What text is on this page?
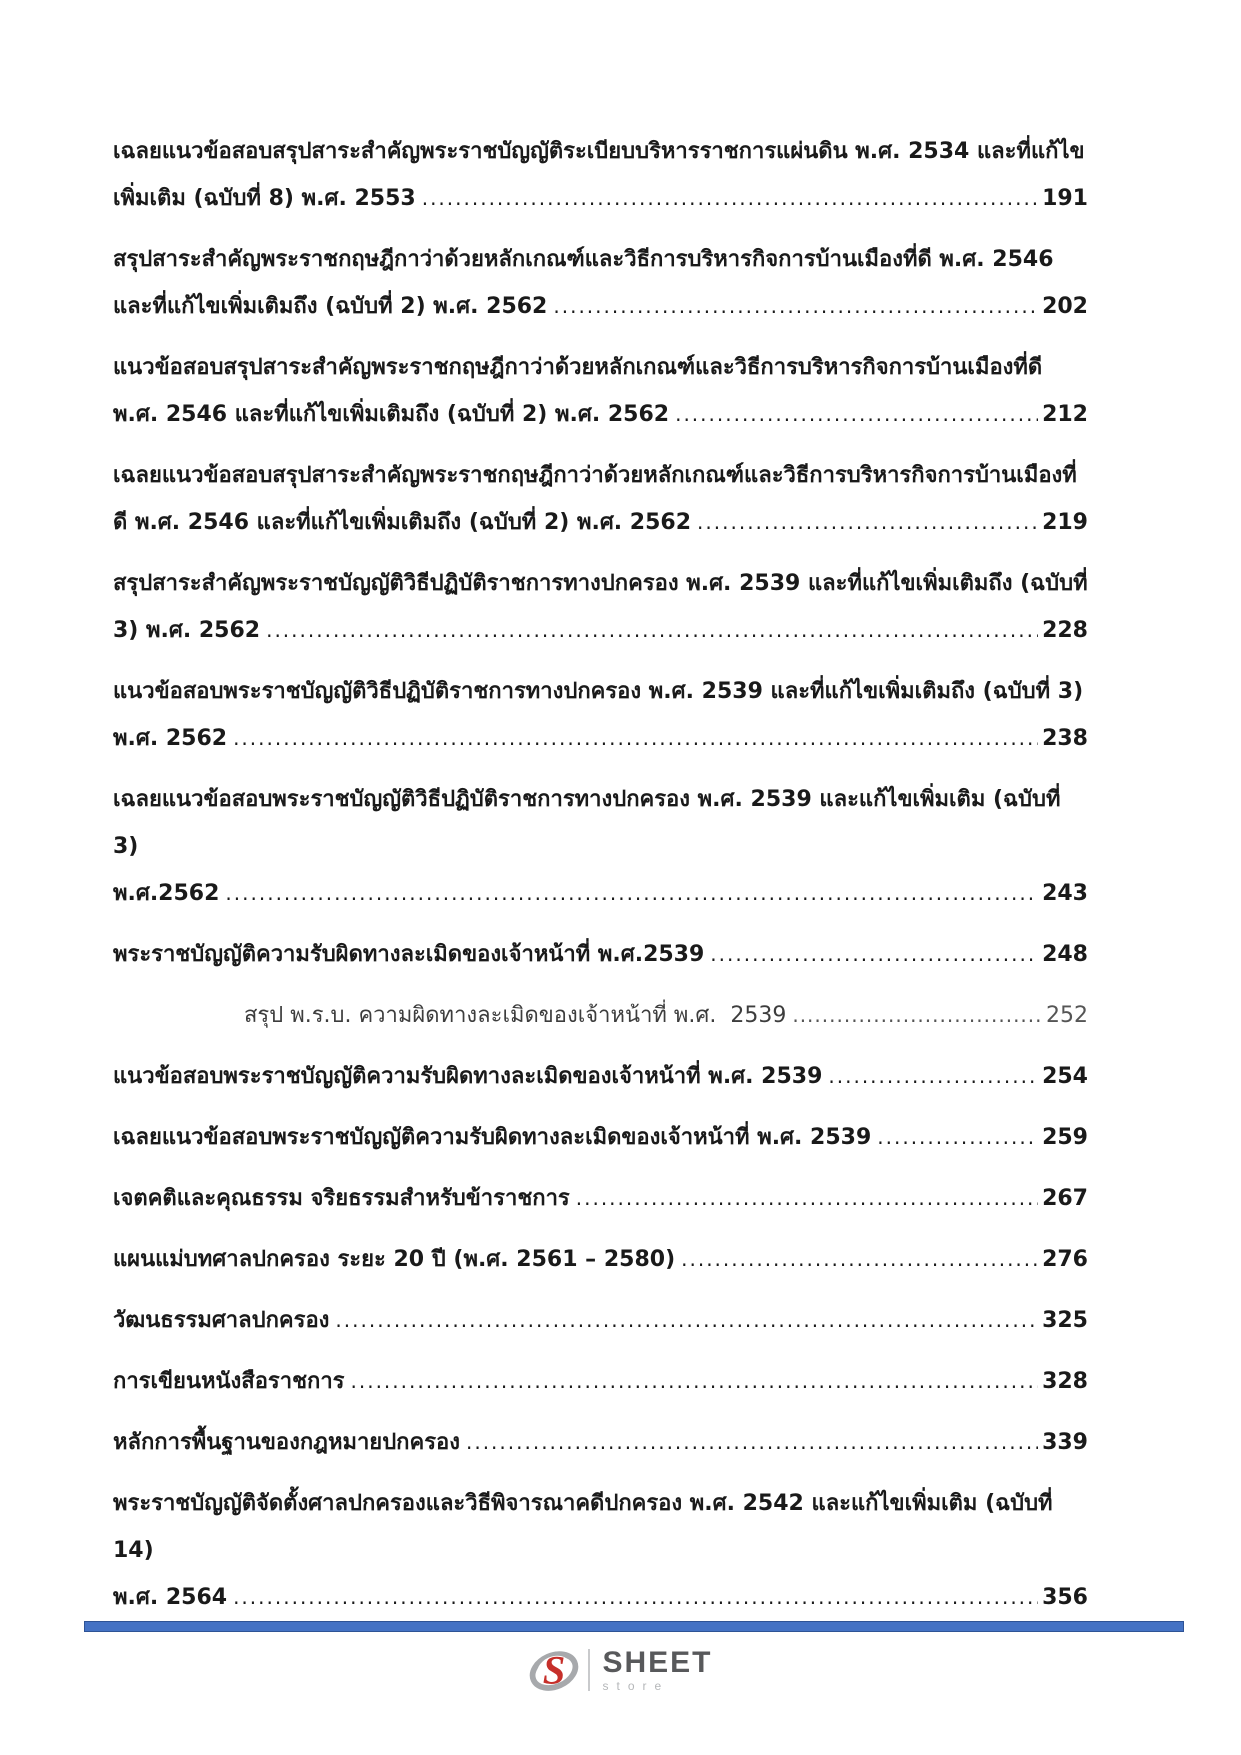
เฉลยแนวข้อสอบสรุปสาระสำคัญพระราชบัญญัติระเบียบบริหารราชการแผ่นดิน พ.ศ. 2534 และที่แก้ไข
เพิ่มเติม (ฉบับที่ 8) พ.ศ. 2553 .....	191
สรุปสาระสำคัญพระราชกฤษฎีกาว่าด้วยหลักเกณฑ์และวิธีการบริหารกิจการบ้านเมืองที่ดี พ.ศ. 2546
และที่แก้ไขเพิ่มเติมถึง (ฉบับที่ 2) พ.ศ. 2562 .....	202
แนวข้อสอบสรุปสาระสำคัญพระราชกฤษฎีกาว่าด้วยหลักเกณฑ์และวิธีการบริหารกิจการบ้านเมืองที่ดี
พ.ศ. 2546 และที่แก้ไขเพิ่มเติมถึง (ฉบับที่ 2) พ.ศ. 2562 .....	212
เฉลยแนวข้อสอบสรุปสาระสำคัญพระราชกฤษฎีกาว่าด้วยหลักเกณฑ์และวิธีการบริหารกิจการบ้านเมืองที่
ดี พ.ศ. 2546 และที่แก้ไขเพิ่มเติมถึง (ฉบับที่ 2) พ.ศ. 2562 .....	219
สรุปสาระสำคัญพระราชบัญญัติวิธีปฏิบัติราชการทางปกครอง พ.ศ. 2539 และที่แก้ไขเพิ่มเติมถึง (ฉบับที่
3) พ.ศ. 2562 .....	228
แนวข้อสอบพระราชบัญญัติวิธีปฏิบัติราชการทางปกครอง พ.ศ. 2539 และที่แก้ไขเพิ่มเติมถึง (ฉบับที่ 3)
พ.ศ. 2562 .....	238
เฉลยแนวข้อสอบพระราชบัญญัติวิธีปฏิบัติราชการทางปกครอง พ.ศ. 2539 และแก้ไขเพิ่มเติม (ฉบับที่ 3)
พ.ศ.2562 .....	243
พระราชบัญญัติความรับผิดทางละเมิดของเจ้าหน้าที่ พ.ศ.2539 .....	248
สรุป พ.ร.บ. ความผิดทางละเมิดของเจ้าหน้าที่ พ.ศ.  2539 .....	252
แนวข้อสอบพระราชบัญญัติความรับผิดทางละเมิดของเจ้าหน้าที่ พ.ศ. 2539 .....	254
เฉลยแนวข้อสอบพระราชบัญญัติความรับผิดทางละเมิดของเจ้าหน้าที่ พ.ศ. 2539 .....	259
เจตคติและคุณธรรม จริยธรรมสำหรับข้าราชการ .....	267
แผนแม่บทศาลปกครอง ระยะ 20 ปี (พ.ศ. 2561 – 2580) .....	276
วัฒนธรรมศาลปกครอง .....	325
การเขียนหนังสือราชการ .....	328
หลักการพื้นฐานของกฎหมายปกครอง .....	339
พระราชบัญญัติจัดตั้งศาลปกครองและวิธีพิจารณาคดีปกครอง พ.ศ. 2542 และแก้ไขเพิ่มเติม (ฉบับที่ 14)
พ.ศ. 2564 .....	356
S SHEET
store
